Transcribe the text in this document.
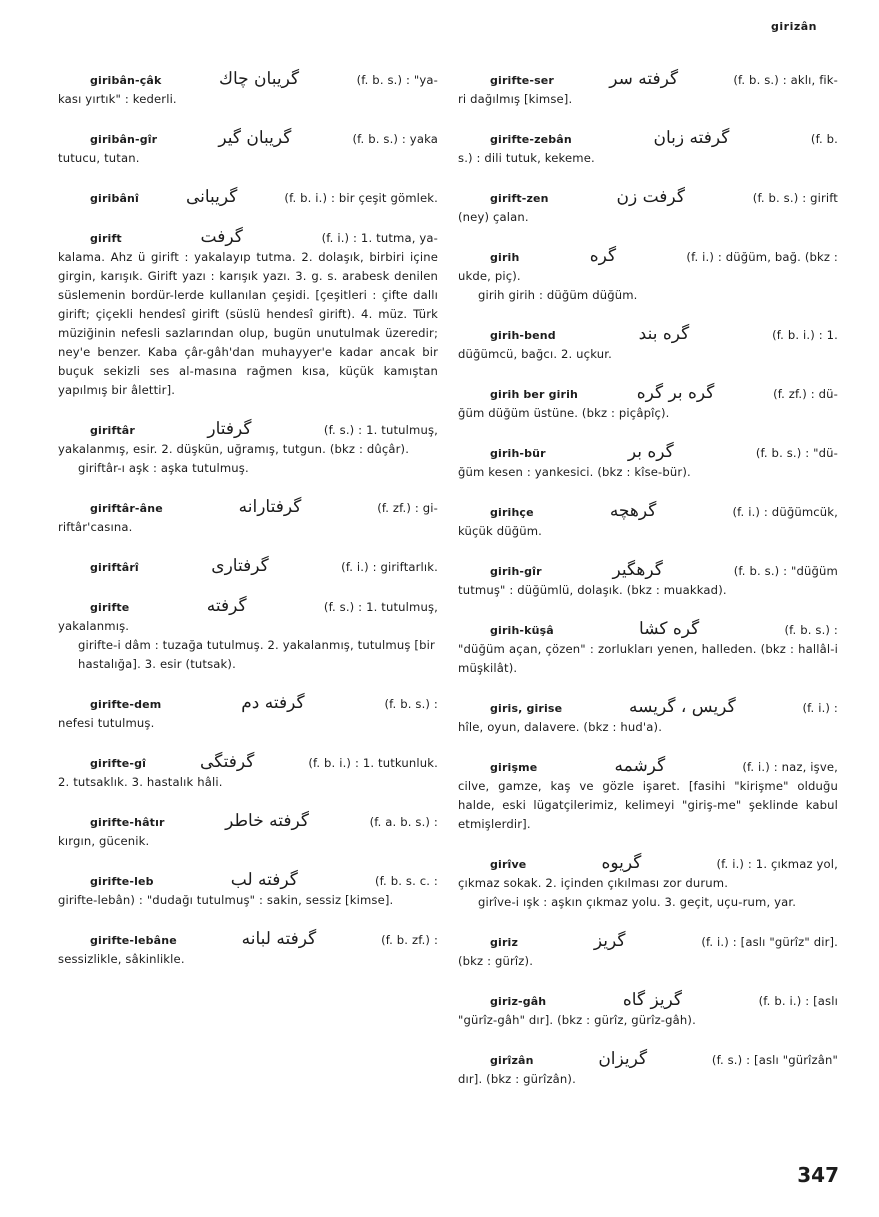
girizân
giribân-çâk	گریبان چاك	(f. b. s.) : "ya-
kası yırtık" : kederli.
giribân-gîr	گریبان گیر	(f. b. s.) : yaka
tutucu, tutan.
giribânî	گریبانی	(f. b. i.) : bir çeşit gömlek.
girift	گرفت	(f. i.) : 1. tutma, ya-
kalama. Ahz ü girift : yakalayıp tutma. 2. dolaşık, birbiri içine girgin, karışık. Girift yazı : karışık yazı. 3. g. s. arabesk denilen süslemenin bordür-lerde kullanılan çeşidi. [çeşitleri : çifte dallı girift; çiçekli hendesî girift (süslü hendesî girift). 4. müz. Türk müziğinin nefesli sazlarından olup, bugün unutulmak üzeredir; ney'e benzer. Kaba çâr-gâh'dan muhayyer'e kadar ancak bir buçuk sekizli ses al-masına rağmen kısa, küçük kamıştan yapılmış bir âlettir].
giriftâr	گرفتار	(f. s.) : 1. tutulmuş,
yakalanmış, esir. 2. düşkün, uğramış, tutgun. (bkz : dûçâr).
giriftâr-ı aşk : aşka tutulmuş.
giriftâr-âne	گرفتارانه	(f. zf.) : gi-
riftâr'casına.
giriftârî	گرفتاری	(f. i.) : giriftarlık.
girifte	گرفته	(f. s.) : 1. tutulmuş,
yakalanmış.
girifte-i dâm : tuzağa tutulmuş. 2. yakalanmış, tutulmuş [bir hastalığa]. 3. esir (tutsak).
girifte-dem	گرفته دم	(f. b. s.) :
nefesi tutulmuş.
girifte-gî	گرفتگی	(f. b. i.) : 1. tutkunluk.
2. tutsaklık. 3. hastalık hâli.
girifte-hâtır	گرفته خاطر	(f. a. b. s.) :
kırgın, gücenik.
girifte-leb	گرفته لب	(f. b. s. c. :
girifte-lebân) : "dudağı tutulmuş" : sakin, sessiz [kimse].
girifte-lebâne	گرفته لبانه	(f. b. zf.) :
sessizlikle, sâkinlikle.
girifte-ser	گرفته سر	(f. b. s.) : aklı, fik-
ri dağılmış [kimse].
girifte-zebân	گرفته زبان	(f. b.
s.) : dili tutuk, kekeme.
girift-zen	گرفت زن	(f. b. s.) : girift
(ney) çalan.
girih	گره	(f. i.) : düğüm, bağ. (bkz :
ukde, piç).
girih girih : düğüm düğüm.
girih-bend	گره بند	(f. b. i.) : 1.
düğümcü, bağcı. 2. uçkur.
girih ber girih	گره بر گره	(f. zf.) : dü-
ğüm düğüm üstüne. (bkz : piçâpîç).
girih-bür	گره بر	(f. b. s.) : "dü-
ğüm kesen : yankesici. (bkz : kîse-bür).
girihçe	گرهچه	(f. i.) : düğümcük,
küçük düğüm.
girih-gîr	گرهگیر	(f. b. s.) : "düğüm
tutmuş" : düğümlü, dolaşık. (bkz : muakkad).
girih-küşâ	گره کشا	(f. b. s.) :
"düğüm açan, çözen" : zorlukları yenen, halleden. (bkz : hallâl-i müşkilât).
giris, girise	گریس ، گریسه	(f. i.) :
hîle, oyun, dalavere. (bkz : hud'a).
girişme	گرشمه	(f. i.) : naz, işve,
cilve, gamze, kaş ve gözle işaret. [fasihi "kirişme" olduğu halde, eski lügatçilerimiz, kelimeyi "giriş-me" şeklinde kabul etmişlerdir].
girîve	گریوه	(f. i.) : 1. çıkmaz yol,
çıkmaz sokak. 2. içinden çıkılması zor durum.
girîve-i ışk : aşkın çıkmaz yolu. 3. geçit, uçu-rum, yar.
giriz	گریز	(f. i.) : [aslı "gürîz" dir].
(bkz : gürîz).
giriz-gâh	گریز گاه	(f. b. i.) : [aslı
"gürîz-gâh" dır]. (bkz : gürîz, gürîz-gâh).
girîzân	گریزان	(f. s.) : [aslı "gürîzân"
dır]. (bkz : gürîzân).
347
